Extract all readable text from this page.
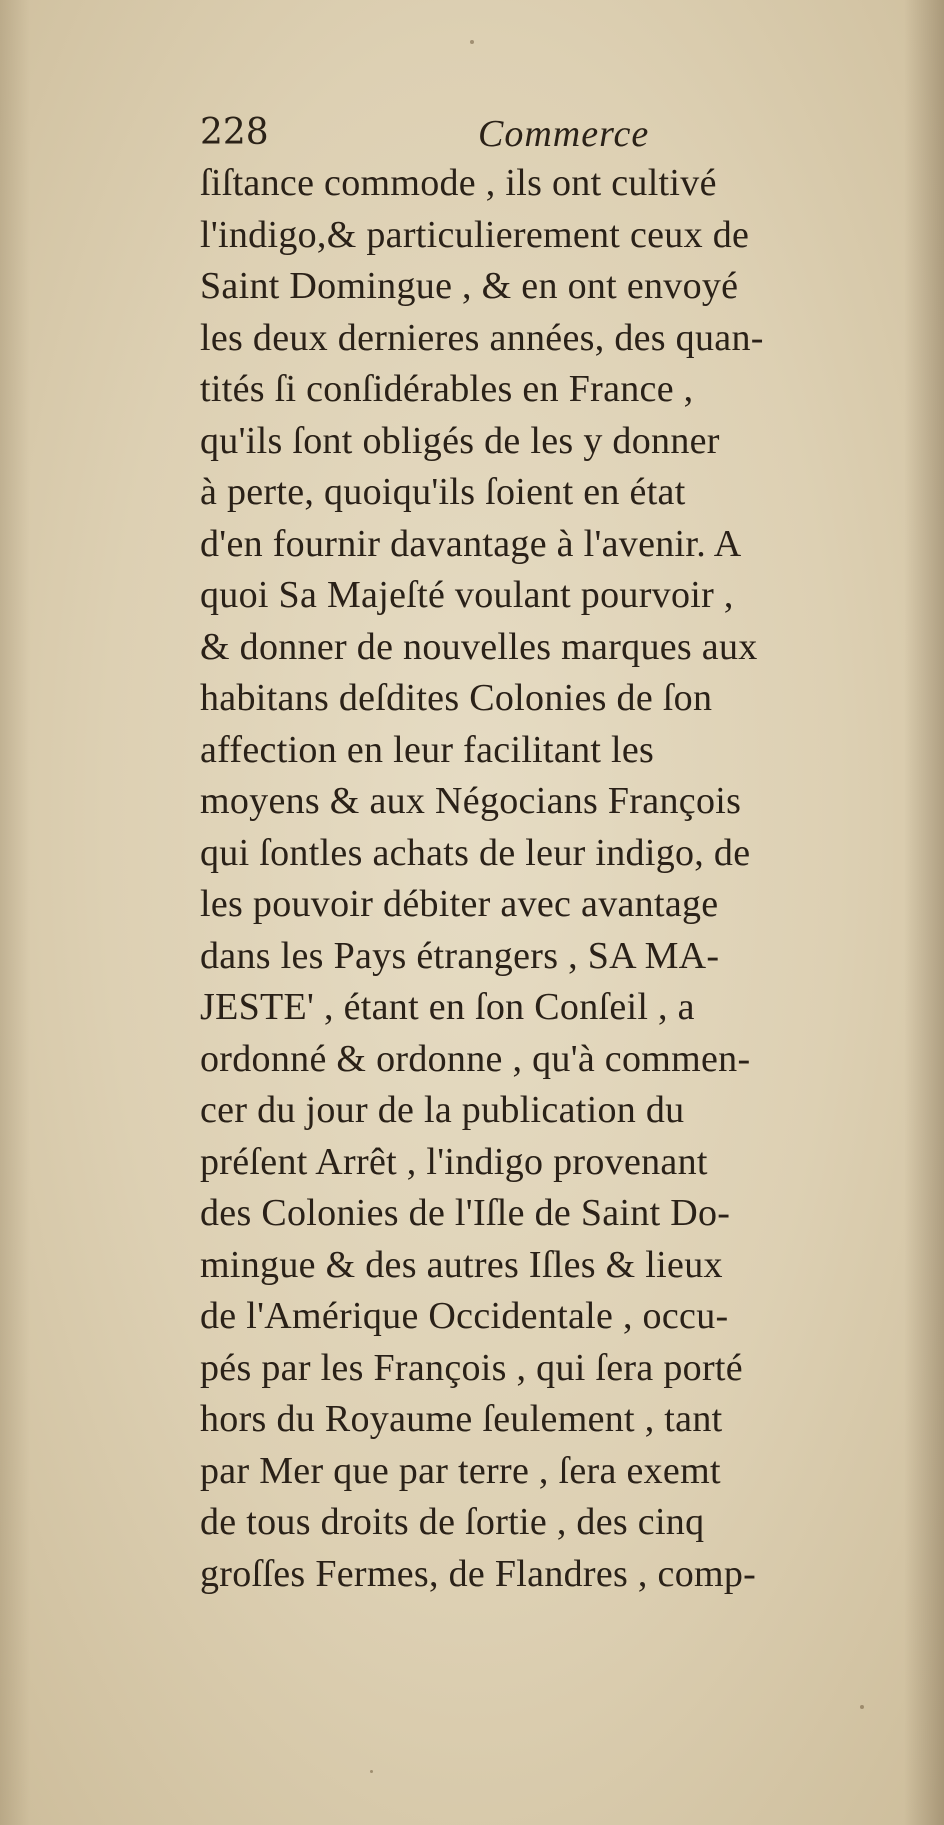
228	Commerce
ſiſtance commode , ils ont cultivé
l'indigo,& particulierement ceux de
Saint Domingue , & en ont envoyé
les deux dernieres années, des quan-
tités ſi conſidérables en France ,
qu'ils ſont obligés de les y donner
à perte, quoiqu'ils ſoient en état
d'en fournir davantage à l'avenir. A
quoi Sa Majeſté voulant pourvoir ,
& donner de nouvelles marques aux
habitans deſdites Colonies de ſon
affection en leur facilitant les
moyens & aux Négocians François
qui ſontles achats de leur indigo, de
les pouvoir débiter avec avantage
dans les Pays étrangers , SA MA-
JESTE' , étant en ſon Conſeil , a
ordonné & ordonne , qu'à commen-
cer du jour de la publication du
préſent Arrêt , l'indigo provenant
des Colonies de l'Iſle de Saint Do-
mingue & des autres Iſles & lieux
de l'Amérique Occidentale , occu-
pés par les François , qui ſera porté
hors du Royaume ſeulement , tant
par Mer que par terre , ſera exemt
de tous droits de ſortie , des cinq
groſſes Fermes, de Flandres , comp-
